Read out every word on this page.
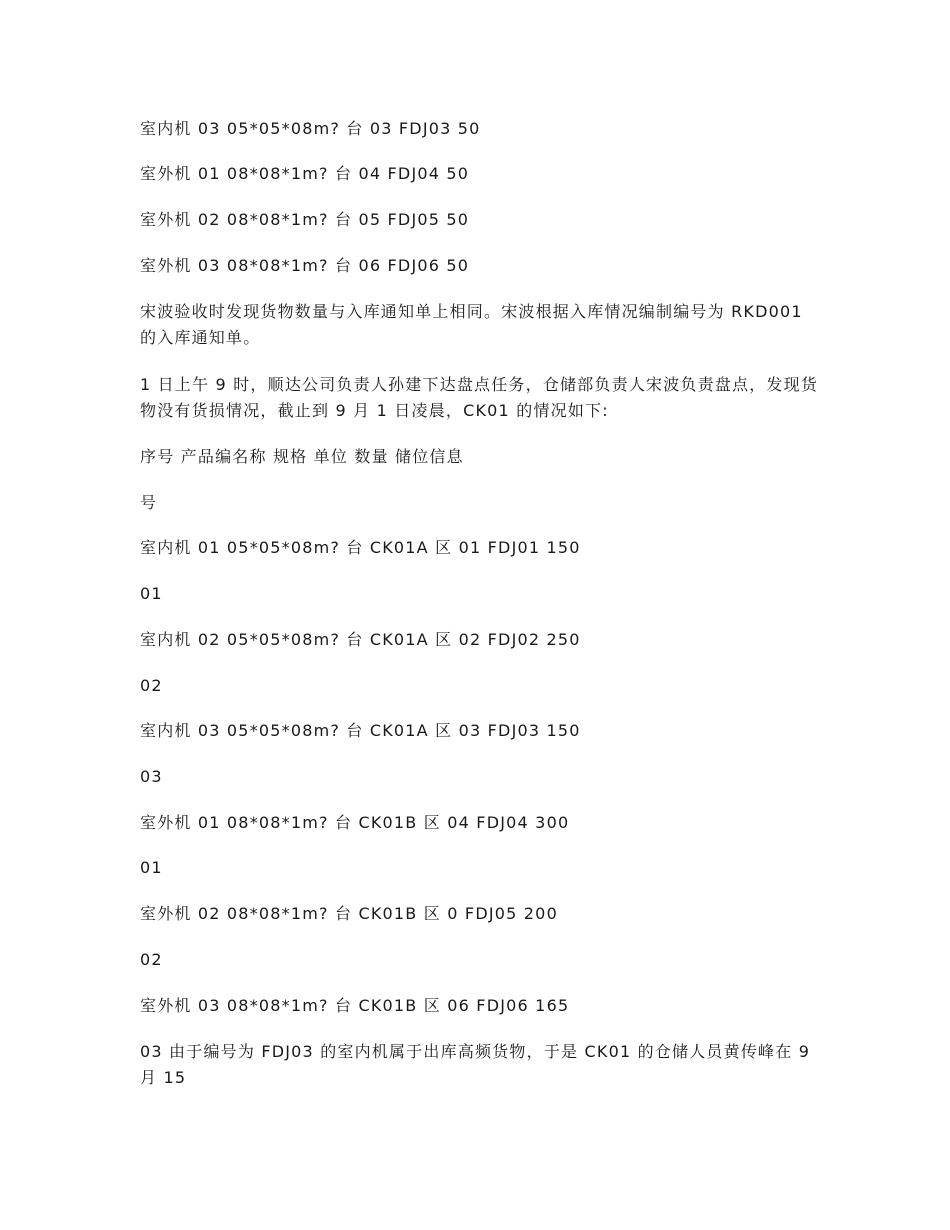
室内机 03 05*05*08m? 台 03 FDJ03 50

室外机 01 08*08*1m? 台 04 FDJ04 50

室外机 02 08*08*1m? 台 05 FDJ05 50

室外机 03 08*08*1m? 台 06 FDJ06 50

宋波验收时发现货物数量与入库通知单上相同。宋波根据入库情况编制编号为 RKD001 的入库通知单。

1 日上午 9 时，顺达公司负责人孙建下达盘点任务，仓储部负责人宋波负责盘点，发现货物没有货损情况，截止到 9 月 1 日凌晨，CK01 的情况如下:

序号 产品编名称 规格 单位 数量 储位信息

号

室内机 01 05*05*08m? 台 CK01A 区 01 FDJ01 150

01

室内机 02 05*05*08m? 台 CK01A 区 02 FDJ02 250

02

室内机 03 05*05*08m? 台 CK01A 区 03 FDJ03 150

03

室外机 01 08*08*1m? 台 CK01B 区 04 FDJ04 300

01

室外机 02 08*08*1m? 台 CK01B 区 0 FDJ05 200

02

室外机 03 08*08*1m? 台 CK01B 区 06 FDJ06 165

03 由于编号为 FDJ03 的室内机属于出库高频货物，于是 CK01 的仓储人员黄传峰在 9 月 15
